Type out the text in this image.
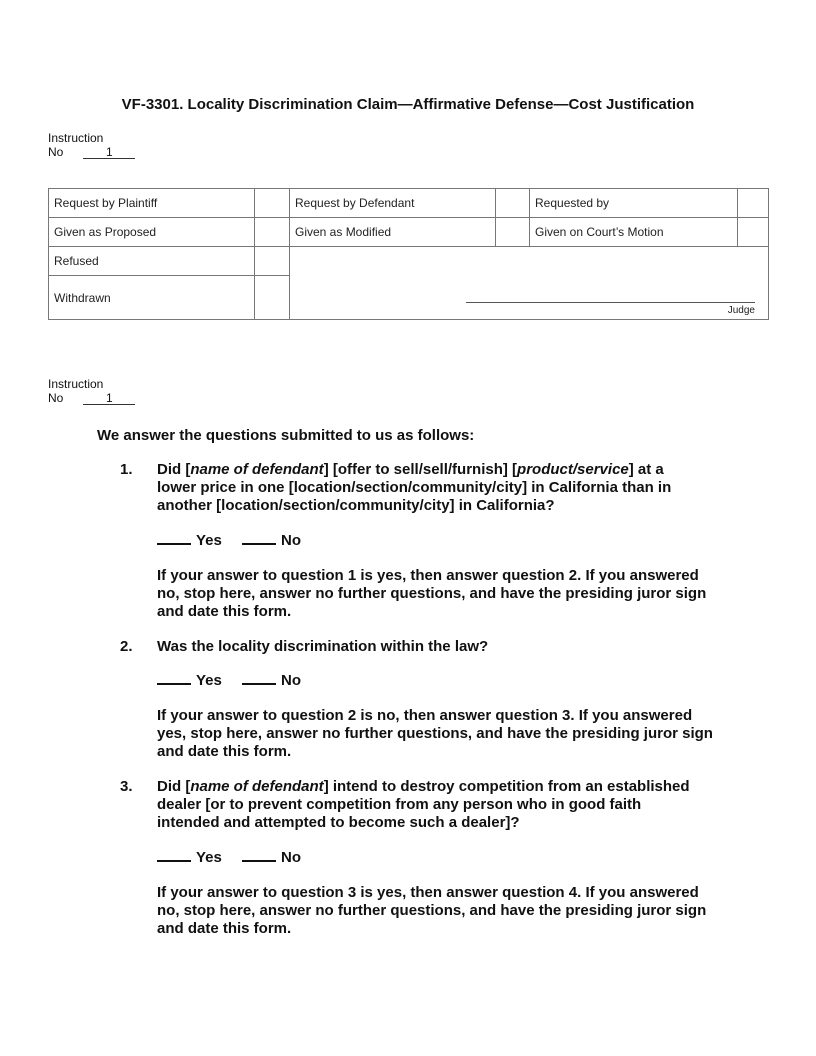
VF-3301. Locality Discrimination Claim—Affirmative Defense—Cost Justification
Instruction
No	1
Request by Plaintiff		Request by Defendant		Requested by	
Given as Proposed		Given as Modified		Given on Court’s Motion	
Refused		Judge			

Withdrawn					
Instruction
No	1
We answer the questions submitted to us as follows:
1. Did [name of defendant] [offer to sell/sell/furnish] [product/service] at a lower price in one [location/section/community/city] in California than in another [location/section/community/city] in California?
Yes	No
If your answer to question 1 is yes, then answer question 2. If you answered no, stop here, answer no further questions, and have the presiding juror sign and date this form.
2. Was the locality discrimination within the law?
Yes	No
If your answer to question 2 is no, then answer question 3. If you answered yes, stop here, answer no further questions, and have the presiding juror sign and date this form.
3. Did [name of defendant] intend to destroy competition from an established dealer [or to prevent competition from any person who in good faith intended and attempted to become such a dealer]?
Yes	No
If your answer to question 3 is yes, then answer question 4. If you answered no, stop here, answer no further questions, and have the presiding juror sign and date this form.
